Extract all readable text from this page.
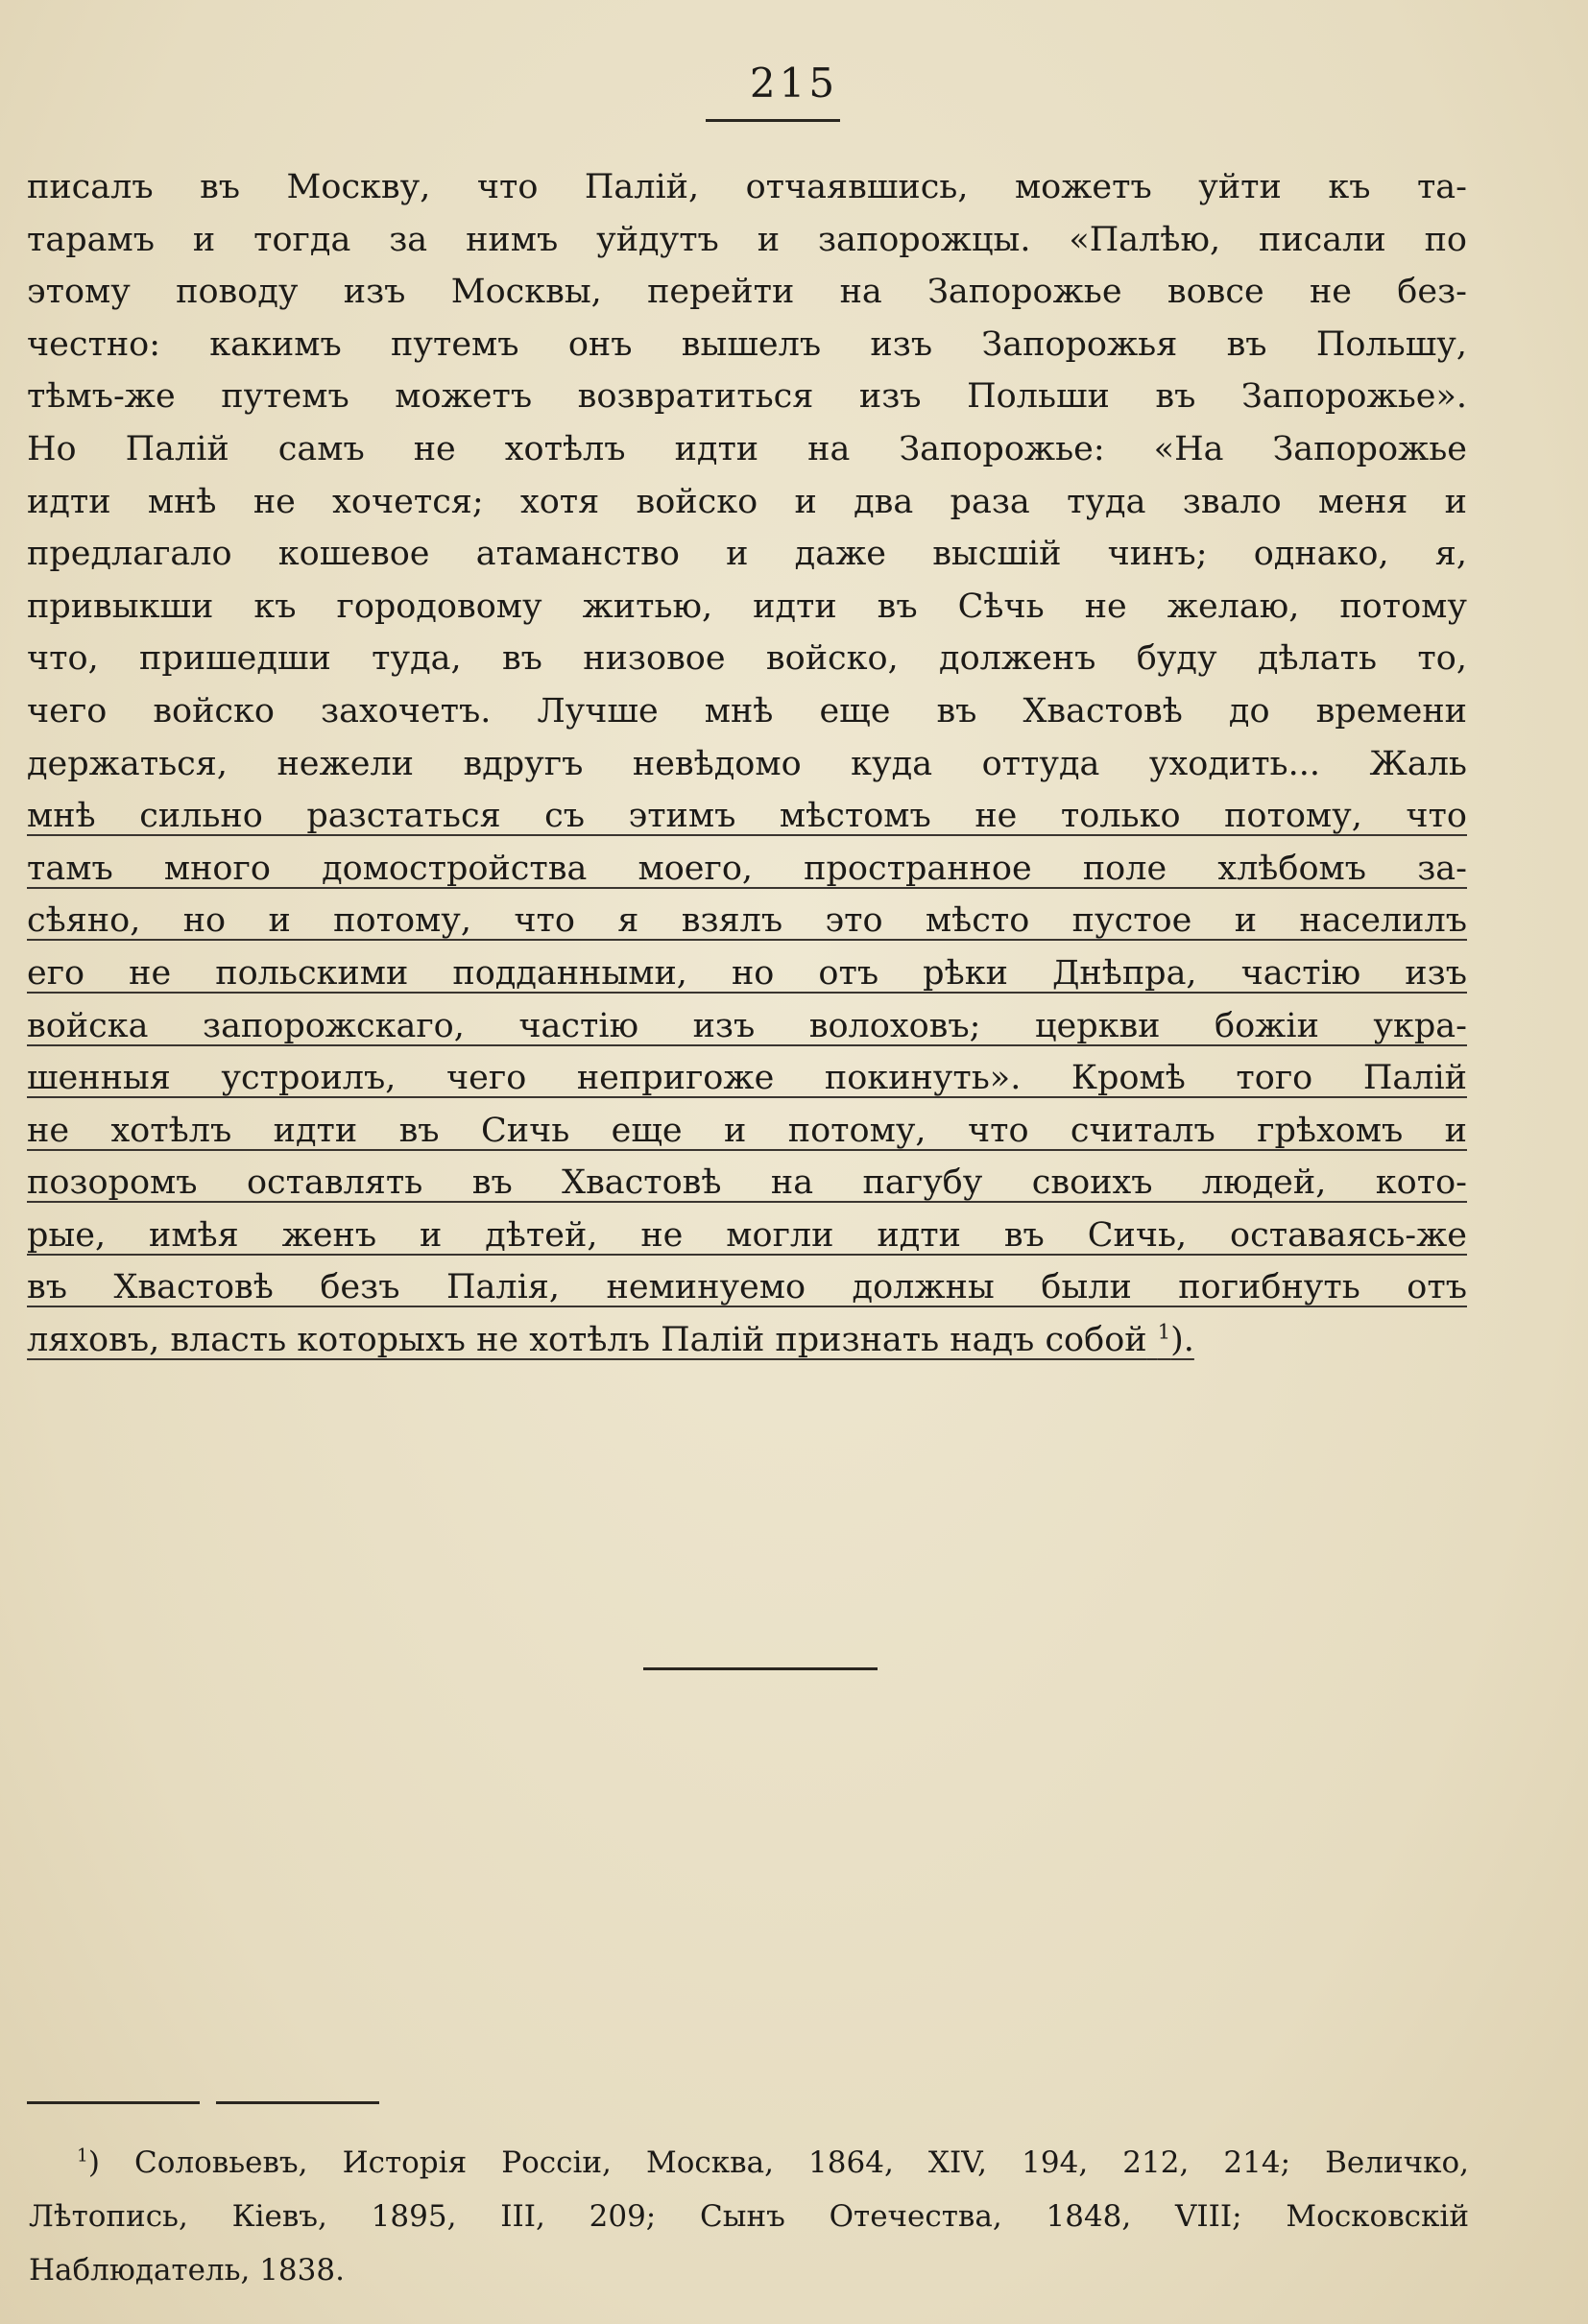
215
писалъ въ Москву, что Палій, отчаявшись, можетъ уйти къ та-
тарамъ и тогда за нимъ уйдутъ и запорожцы. «Палѣю, писали по
этому поводу изъ Москвы, перейти на Запорожье вовсе не без-
честно: какимъ путемъ онъ вышелъ изъ Запорожья въ Польшу,
тѣмъ-же путемъ можетъ возвратиться изъ Польши въ Запорожье».
Но Палій самъ не хотѣлъ идти на Запорожье: «На Запорожье
идти мнѣ не хочется; хотя войско и два раза туда звало меня и
предлагало кошевое атаманство и даже высшій чинъ; однако, я,
привыкши къ городовому житью, идти въ Сѣчь не желаю, потому
что, пришедши туда, въ низовое войско, долженъ буду дѣлать то,
чего войско захочетъ. Лучше мнѣ еще въ Хвастовѣ до времени
держаться, нежели вдругъ невѣдомо куда оттуда уходить... Жаль
мнѣ сильно разстаться съ этимъ мѣстомъ не только потому, что
тамъ много домостройства моего, пространное поле хлѣбомъ за-
сѣяно, но и потому, что я взялъ это мѣсто пустое и населилъ
его не польскими подданными, но отъ рѣки Днѣпра, частію изъ
войска запорожскаго, частію изъ волоховъ; церкви божіи укра-
шенныя устроилъ, чего непригоже покинуть». Кромѣ того Палій
не хотѣлъ идти въ Сичь еще и потому, что считалъ грѣхомъ и
позоромъ оставлять въ Хвастовѣ на пагубу своихъ людей, кото-
рые, имѣя женъ и дѣтей, не могли идти въ Сичь, оставаясь-же
въ Хвастовѣ безъ Палія, неминуемо должны были погибнуть отъ
ляховъ, власть которыхъ не хотѣлъ Палій признать надъ собой $^1$).
$^1$) Соловьевъ, Исторія Россіи, Москва, 1864, XIV, 194, 212, 214; Величко,
Лѣтопись, Кіевъ, 1895, III, 209; Сынъ Отечества, 1848, VIII; Московскій
Наблюдатель, 1838.
